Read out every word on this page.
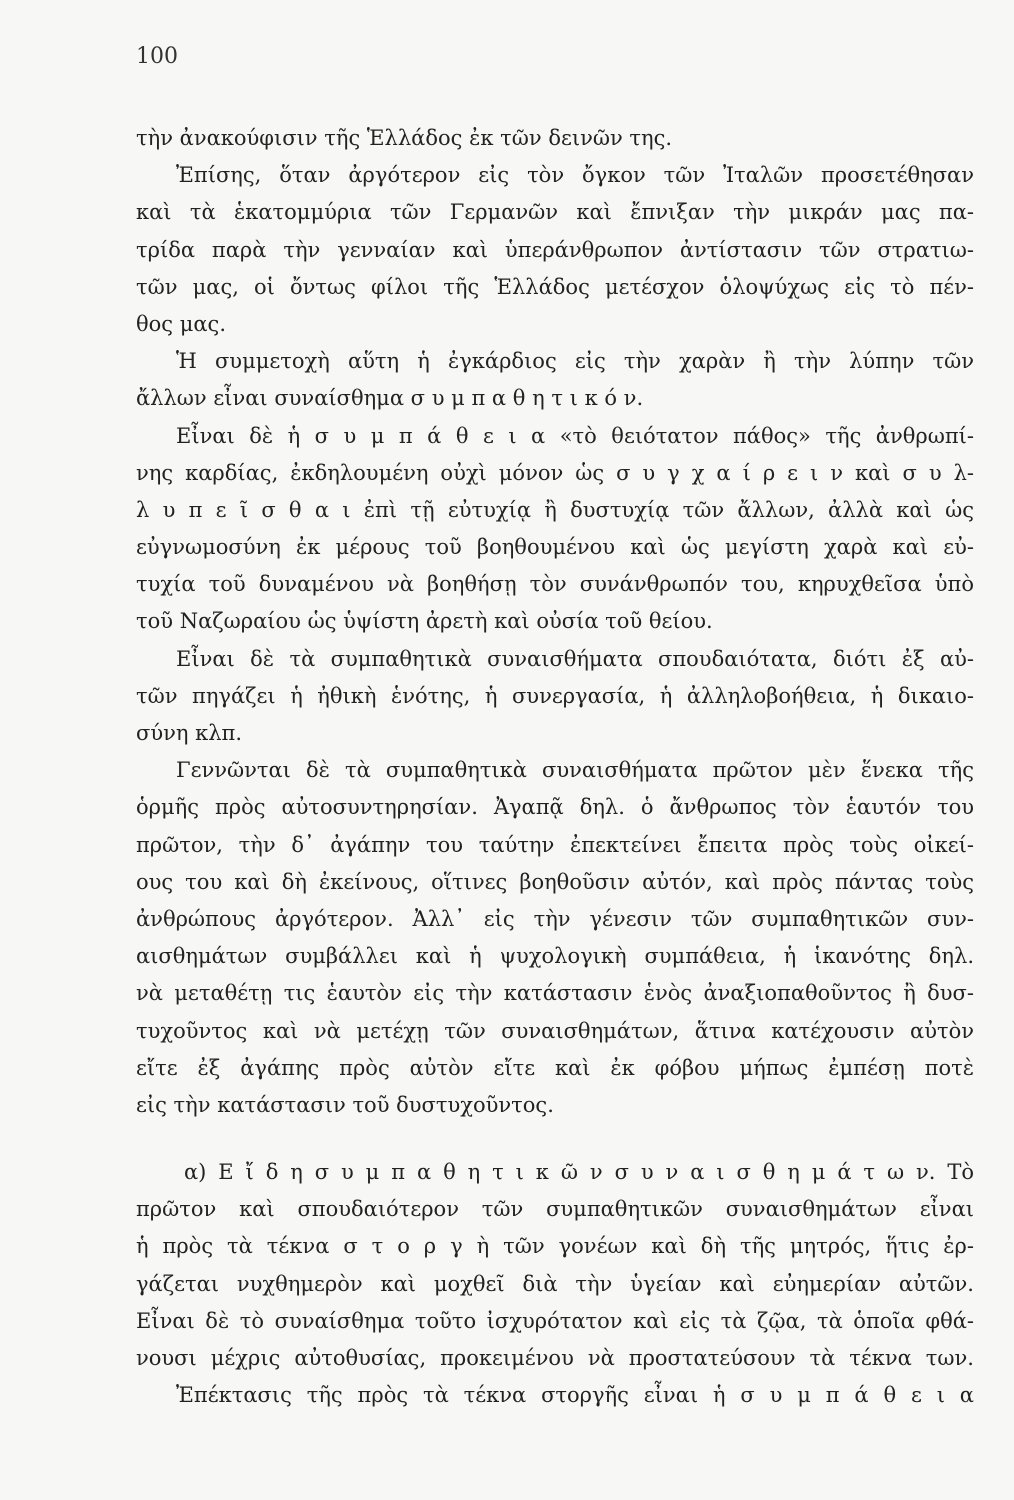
100
τὴν ἀνακούφισιν τῆς Ἑλλάδος ἐκ τῶν δεινῶν της.
Ἐπίσης, ὅταν ἀργότερον εἰς τὸν ὄγκον τῶν Ἰταλῶν προσετέθησαν
καὶ τὰ ἑκατομμύρια τῶν Γερμανῶν καὶ ἔπνιξαν τὴν μικράν μας πα-
τρίδα παρὰ τὴν γενναίαν καὶ ὑπεράνθρωπον ἀντίστασιν τῶν στρατιω-
τῶν μας, οἱ ὄντως φίλοι τῆς Ἑλλάδος μετέσχον ὁλοψύχως εἰς τὸ πέν-
θος μας.
Ἡ συμμετοχὴ αὕτη ἡ ἐγκάρδιος εἰς τὴν χαρὰν ἢ τὴν λύπην τῶν
ἄλλων εἶναι συναίσθημα σ υ μ π α θ η τ ι κ ό ν.
Εἶναι δὲ ἡ σ υ μ π ά θ ε ι α «τὸ θειότατον πάθος» τῆς ἀνθρωπί-
νης καρδίας, ἐκδηλουμένη οὐχὶ μόνον ὡς σ υ γ χ α ί ρ ε ι ν καὶ σ υ λ-
λ υ π ε ῖ σ θ α ι ἐπὶ τῇ εὐτυχίᾳ ἢ δυστυχίᾳ τῶν ἄλλων, ἀλλὰ καὶ ὡς
εὐγνωμοσύνη ἐκ μέρους τοῦ βοηθουμένου καὶ ὡς μεγίστη χαρὰ καὶ εὐ-
τυχία τοῦ δυναμένου νὰ βοηθήσῃ τὸν συνάνθρωπόν του, κηρυχθεῖσα ὑπὸ
τοῦ Ναζωραίου ὡς ὑψίστη ἀρετὴ καὶ οὐσία τοῦ θείου.
Εἶναι δὲ τὰ συμπαθητικὰ συναισθήματα σπουδαιότατα, διότι ἐξ αὐ-
τῶν πηγάζει ἡ ἠθικὴ ἑνότης, ἡ συνεργασία, ἡ ἀλληλοβοήθεια, ἡ δικαιο-
σύνη κλπ.
Γεννῶνται δὲ τὰ συμπαθητικὰ συναισθήματα πρῶτον μὲν ἕνεκα τῆς
ὁρμῆς πρὸς αὐτοσυντηρησίαν. Ἀγαπᾷ δηλ. ὁ ἄνθρωπος τὸν ἑαυτόν του
πρῶτον, τὴν δ᾽ ἀγάπην του ταύτην ἐπεκτείνει ἔπειτα πρὸς τοὺς οἰκεί-
ους του καὶ δὴ ἐκείνους, οἵτινες βοηθοῦσιν αὐτόν, καὶ πρὸς πάντας τοὺς
ἀνθρώπους ἀργότερον. Ἀλλ᾽ εἰς τὴν γένεσιν τῶν συμπαθητικῶν συν-
αισθημάτων συμβάλλει καὶ ἡ ψυχολογικὴ συμπάθεια, ἡ ἱκανότης δηλ.
νὰ μεταθέτῃ τις ἑαυτὸν εἰς τὴν κατάστασιν ἑνὸς ἀναξιοπαθοῦντος ἢ δυσ-
τυχοῦντος καὶ νὰ μετέχῃ τῶν συναισθημάτων, ἅτινα κατέχουσιν αὐτὸν
εἴτε ἐξ ἀγάπης πρὸς αὐτὸν εἴτε καὶ ἐκ φόβου μήπως ἐμπέσῃ ποτὲ
εἰς τὴν κατάστασιν τοῦ δυστυχοῦντος.
α) Ε ἴ δ η σ υ μ π α θ η τ ι κ ῶ ν σ υ ν α ι σ θ η μ ά τ ω ν. Τὸ
πρῶτον καὶ σπουδαιότερον τῶν συμπαθητικῶν συναισθημάτων εἶναι
ἡ πρὸς τὰ τέκνα σ τ ο ρ γ ὴ τῶν γονέων καὶ δὴ τῆς μητρός, ἥτις ἐρ-
γάζεται νυχθημερὸν καὶ μοχθεῖ διὰ τὴν ὑγείαν καὶ εὐημερίαν αὐτῶν.
Εἶναι δὲ τὸ συναίσθημα τοῦτο ἰσχυρότατον καὶ εἰς τὰ ζῷα, τὰ ὁποῖα φθά-
νουσι μέχρις αὐτοθυσίας, προκειμένου νὰ προστατεύσουν τὰ τέκνα των.
Ἐπέκτασις τῆς πρὸς τὰ τέκνα στοργῆς εἶναι ἡ σ υ μ π ά θ ε ι α
